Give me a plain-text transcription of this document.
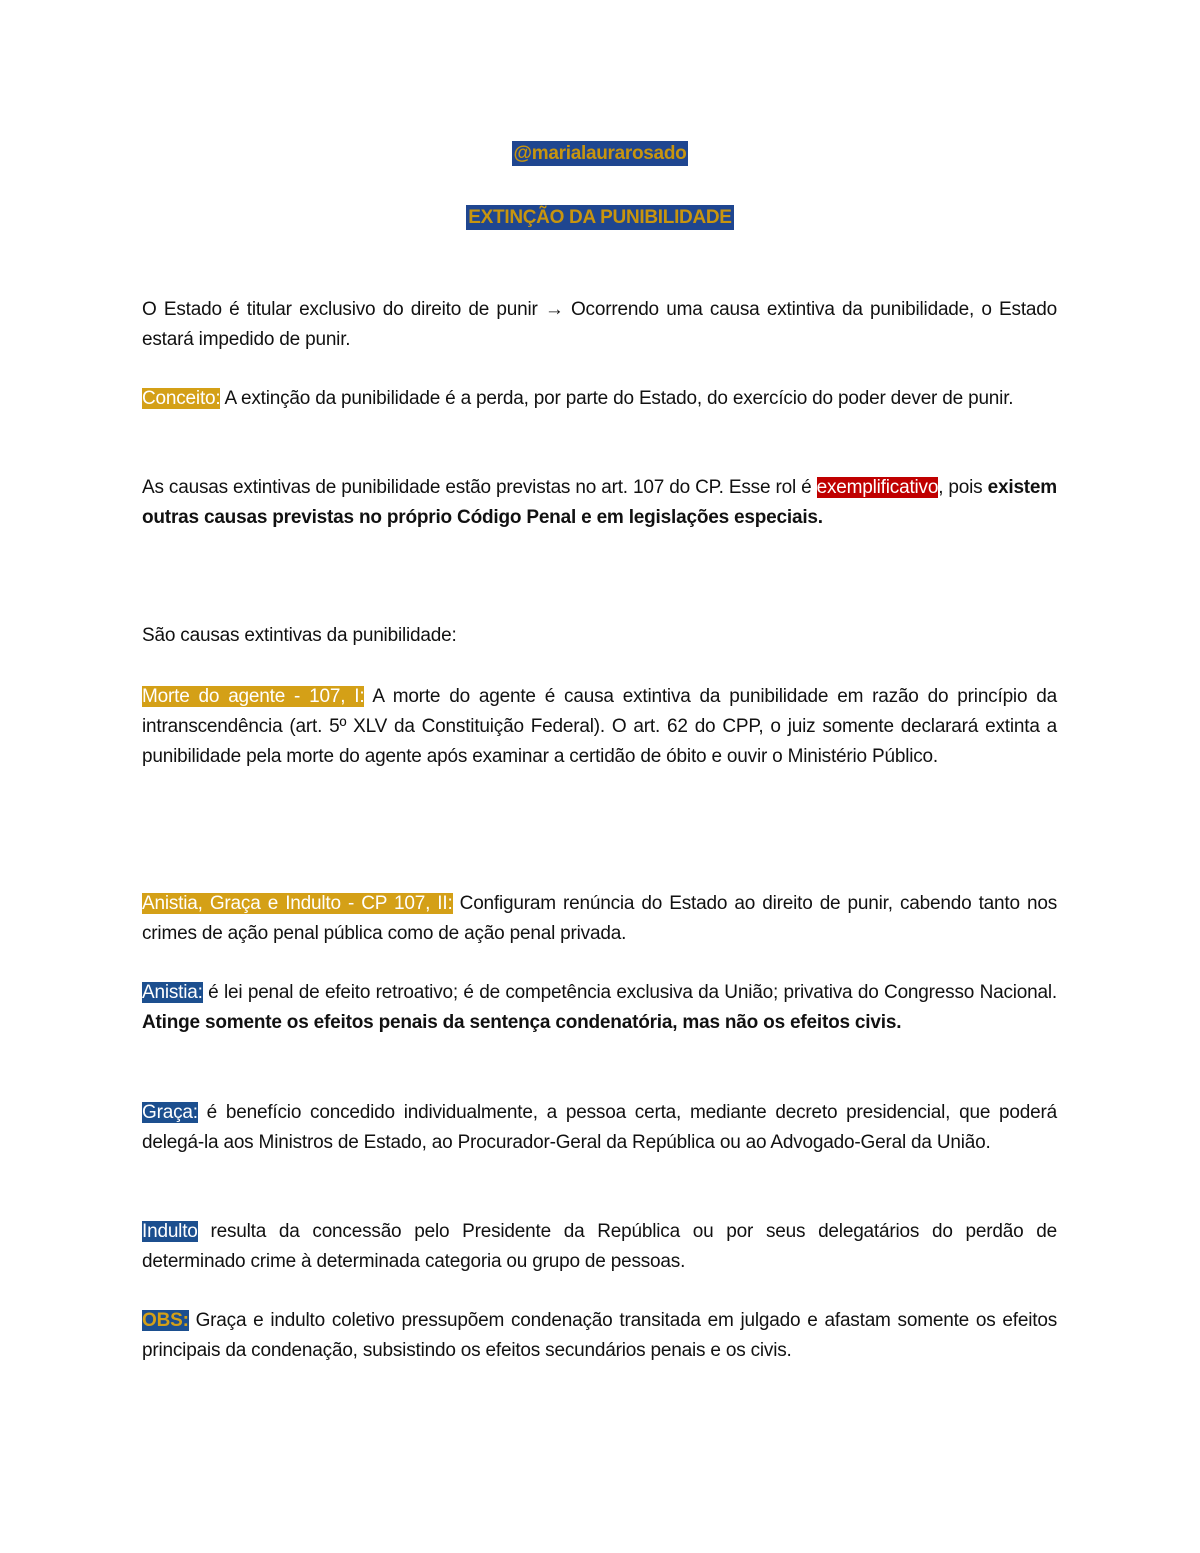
@marialaurarosado
EXTINÇÃO DA PUNIBILIDADE
O Estado é titular exclusivo do direito de punir → Ocorrendo uma causa extintiva da punibilidade, o Estado estará impedido de punir.
Conceito: A extinção da punibilidade é a perda, por parte do Estado, do exercício do poder dever de punir.
As causas extintivas de punibilidade estão previstas no art. 107 do CP. Esse rol é exemplificativo, pois existem outras causas previstas no próprio Código Penal e em legislações especiais.
São causas extintivas da punibilidade:
Morte do agente - 107, I: A morte do agente é causa extintiva da punibilidade em razão do princípio da intranscendência (art. 5º XLV da Constituição Federal). O art. 62 do CPP, o juiz somente declarará extinta a punibilidade pela morte do agente após examinar a certidão de óbito e ouvir o Ministério Público.
Anistia, Graça e Indulto - CP 107, II: Configuram renúncia do Estado ao direito de punir, cabendo tanto nos crimes de ação penal pública como de ação penal privada.
Anistia: é lei penal de efeito retroativo; é de competência exclusiva da União; privativa do Congresso Nacional. Atinge somente os efeitos penais da sentença condenatória, mas não os efeitos civis.
Graça: é benefício concedido individualmente, a pessoa certa, mediante decreto presidencial, que poderá delegá-la aos Ministros de Estado, ao Procurador-Geral da República ou ao Advogado-Geral da União.
Indulto resulta da concessão pelo Presidente da República ou por seus delegatários do perdão de determinado crime à determinada categoria ou grupo de pessoas.
OBS: Graça e indulto coletivo pressupõem condenação transitada em julgado e afastam somente os efeitos principais da condenação, subsistindo os efeitos secundários penais e os civis.
